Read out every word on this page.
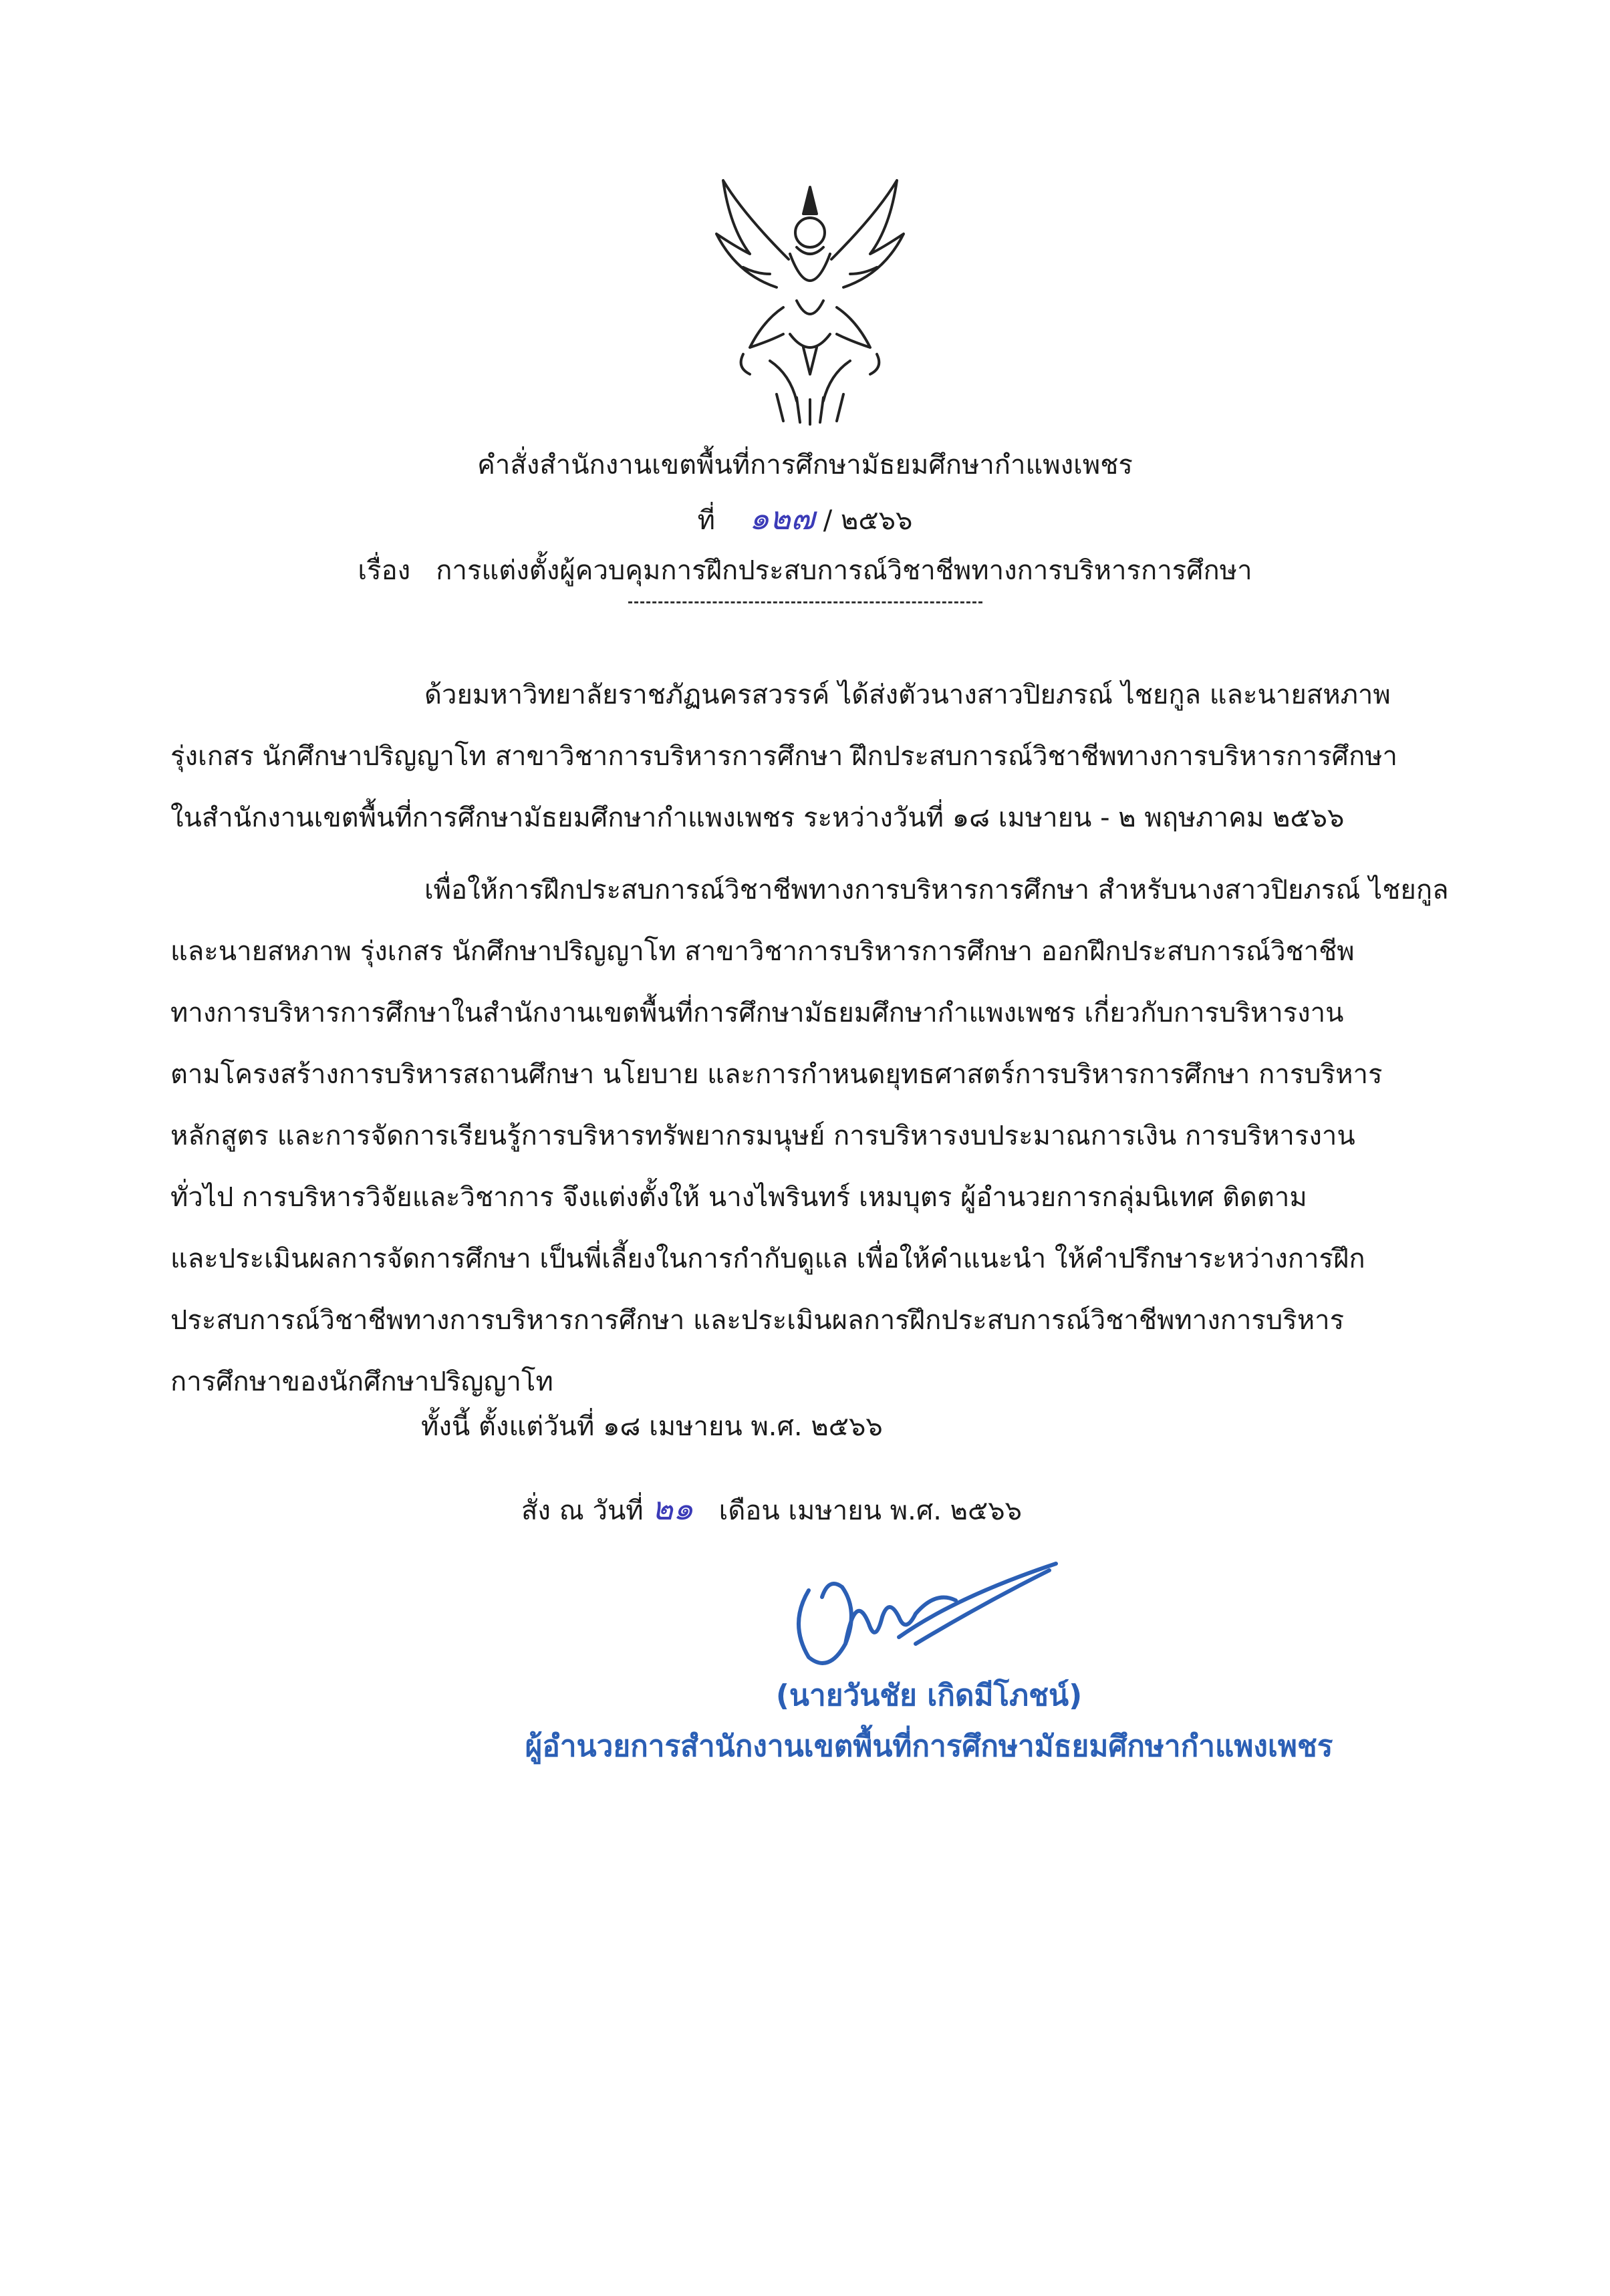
คำสั่งสำนักงานเขตพื้นที่การศึกษามัธยมศึกษากำแพงเพชร
ที่ ๑๒๗ / ๒๕๖๖
เรื่อง การแต่งตั้งผู้ควบคุมการฝึกประสบการณ์วิชาชีพทางการบริหารการศึกษา
ด้วยมหาวิทยาลัยราชภัฏนครสวรรค์ ได้ส่งตัวนางสาวปิยภรณ์ ไชยกูล และนายสหภาพ
รุ่งเกสร นักศึกษาปริญญาโท สาขาวิชาการบริหารการศึกษา ฝึกประสบการณ์วิชาชีพทางการบริหารการศึกษา
ในสำนักงานเขตพื้นที่การศึกษามัธยมศึกษากำแพงเพชร ระหว่างวันที่ ๑๘ เมษายน - ๒ พฤษภาคม ๒๕๖๖
เพื่อให้การฝึกประสบการณ์วิชาชีพทางการบริหารการศึกษา สำหรับนางสาวปิยภรณ์ ไชยกูล
และนายสหภาพ รุ่งเกสร นักศึกษาปริญญาโท สาขาวิชาการบริหารการศึกษา ออกฝึกประสบการณ์วิชาชีพ
ทางการบริหารการศึกษาในสำนักงานเขตพื้นที่การศึกษามัธยมศึกษากำแพงเพชร เกี่ยวกับการบริหารงาน
ตามโครงสร้างการบริหารสถานศึกษา นโยบาย และการกำหนดยุทธศาสตร์การบริหารการศึกษา การบริหาร
หลักสูตร และการจัดการเรียนรู้การบริหารทรัพยากรมนุษย์ การบริหารงบประมาณการเงิน การบริหารงาน
ทั่วไป การบริหารวิจัยและวิชาการ จึงแต่งตั้งให้ นางไพรินทร์ เหมบุตร ผู้อำนวยการกลุ่มนิเทศ ติดตาม
และประเมินผลการจัดการศึกษา เป็นพี่เลี้ยงในการกำกับดูแล เพื่อให้คำแนะนำ ให้คำปรึกษาระหว่างการฝึก
ประสบการณ์วิชาชีพทางการบริหารการศึกษา และประเมินผลการฝึกประสบการณ์วิชาชีพทางการบริหาร
การศึกษาของนักศึกษาปริญญาโท
ทั้งนี้ ตั้งแต่วันที่ ๑๘ เมษายน พ.ศ. ๒๕๖๖
สั่ง ณ วันที่ ๒๑ เดือน เมษายน พ.ศ. ๒๕๖๖
(นายวันชัย เกิดมีโภชน์)
ผู้อำนวยการสำนักงานเขตพื้นที่การศึกษามัธยมศึกษากำแพงเพชร
